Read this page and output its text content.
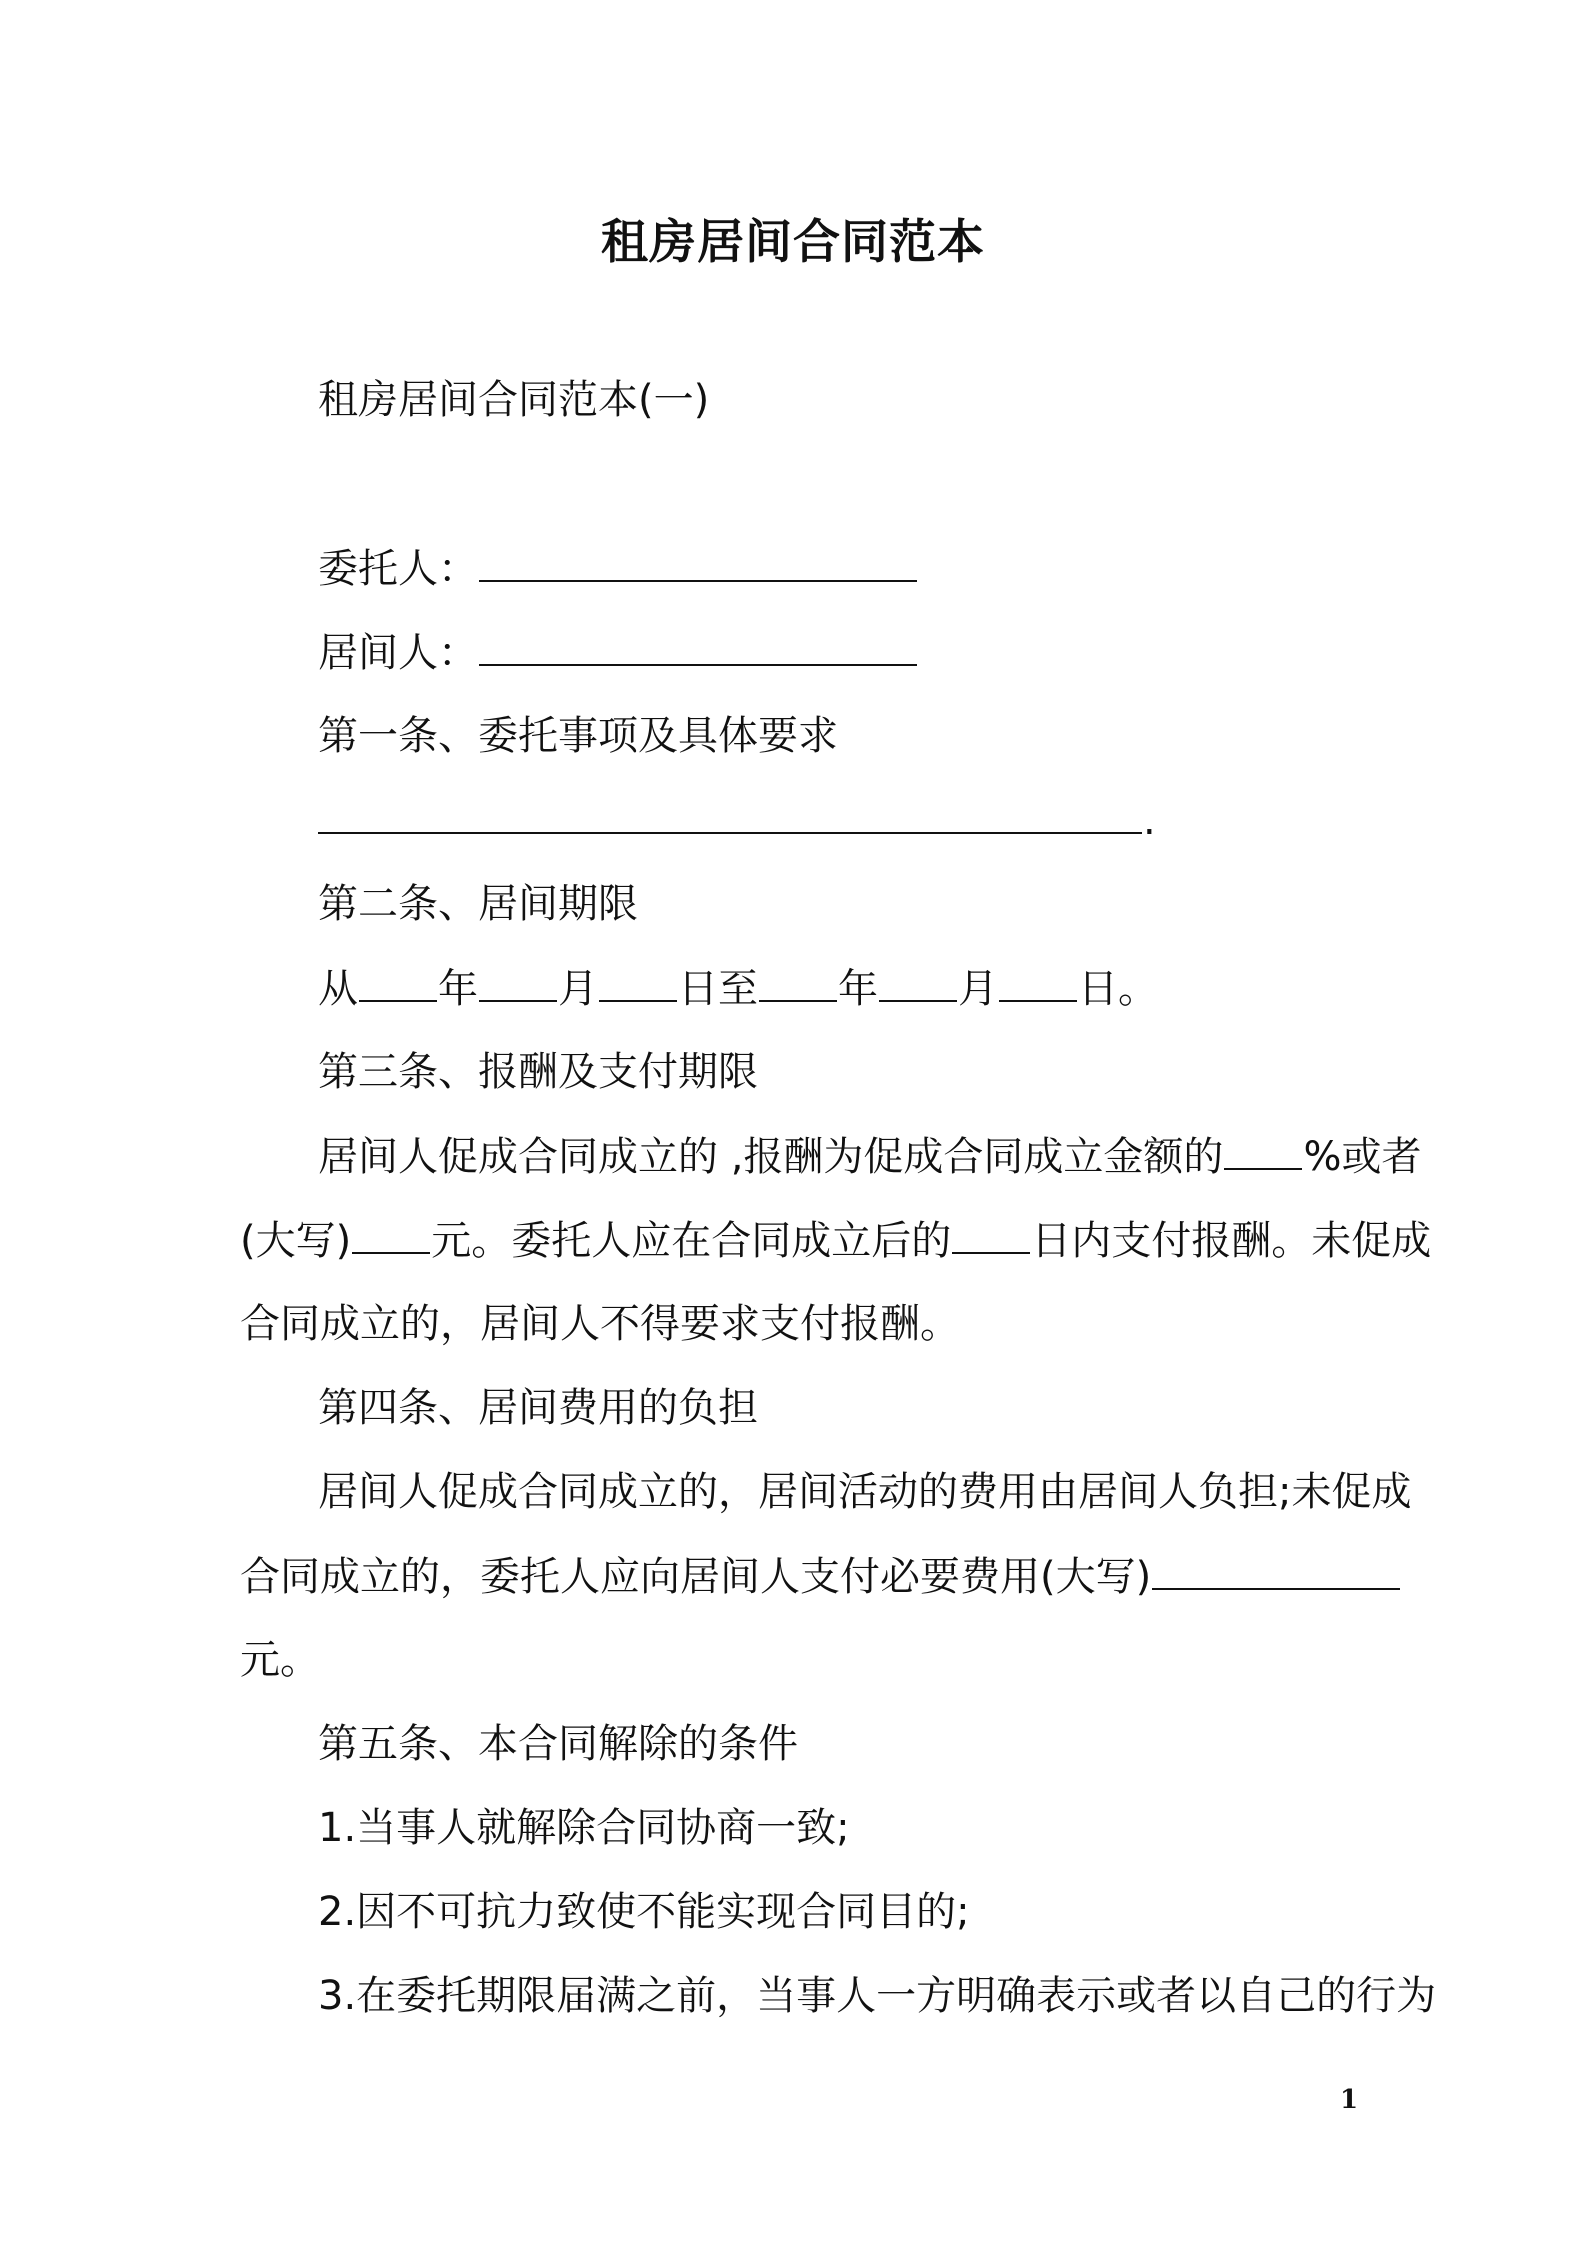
租房居间合同范本
租房居间合同范本(一)
委托人：
居间人：
第一条、委托事项及具体要求
.
第二条、居间期限
从 年 月 日至 年 月 日。
第三条、报酬及支付期限
居间人促成合同成立的 ,报酬为促成合同成立金额的 %或者
(大写) 元。委托人应在合同成立后的 日内支付报酬。未促成
合同成立的，居间人不得要求支付报酬。
第四条、居间费用的负担
居间人促成合同成立的，居间活动的费用由居间人负担;未促成
合同成立的，委托人应向居间人支付必要费用(大写)
元。
第五条、本合同解除的条件
1.当事人就解除合同协商一致;
2.因不可抗力致使不能实现合同目的;
3.在委托期限届满之前，当事人一方明确表示或者以自己的行为
1
